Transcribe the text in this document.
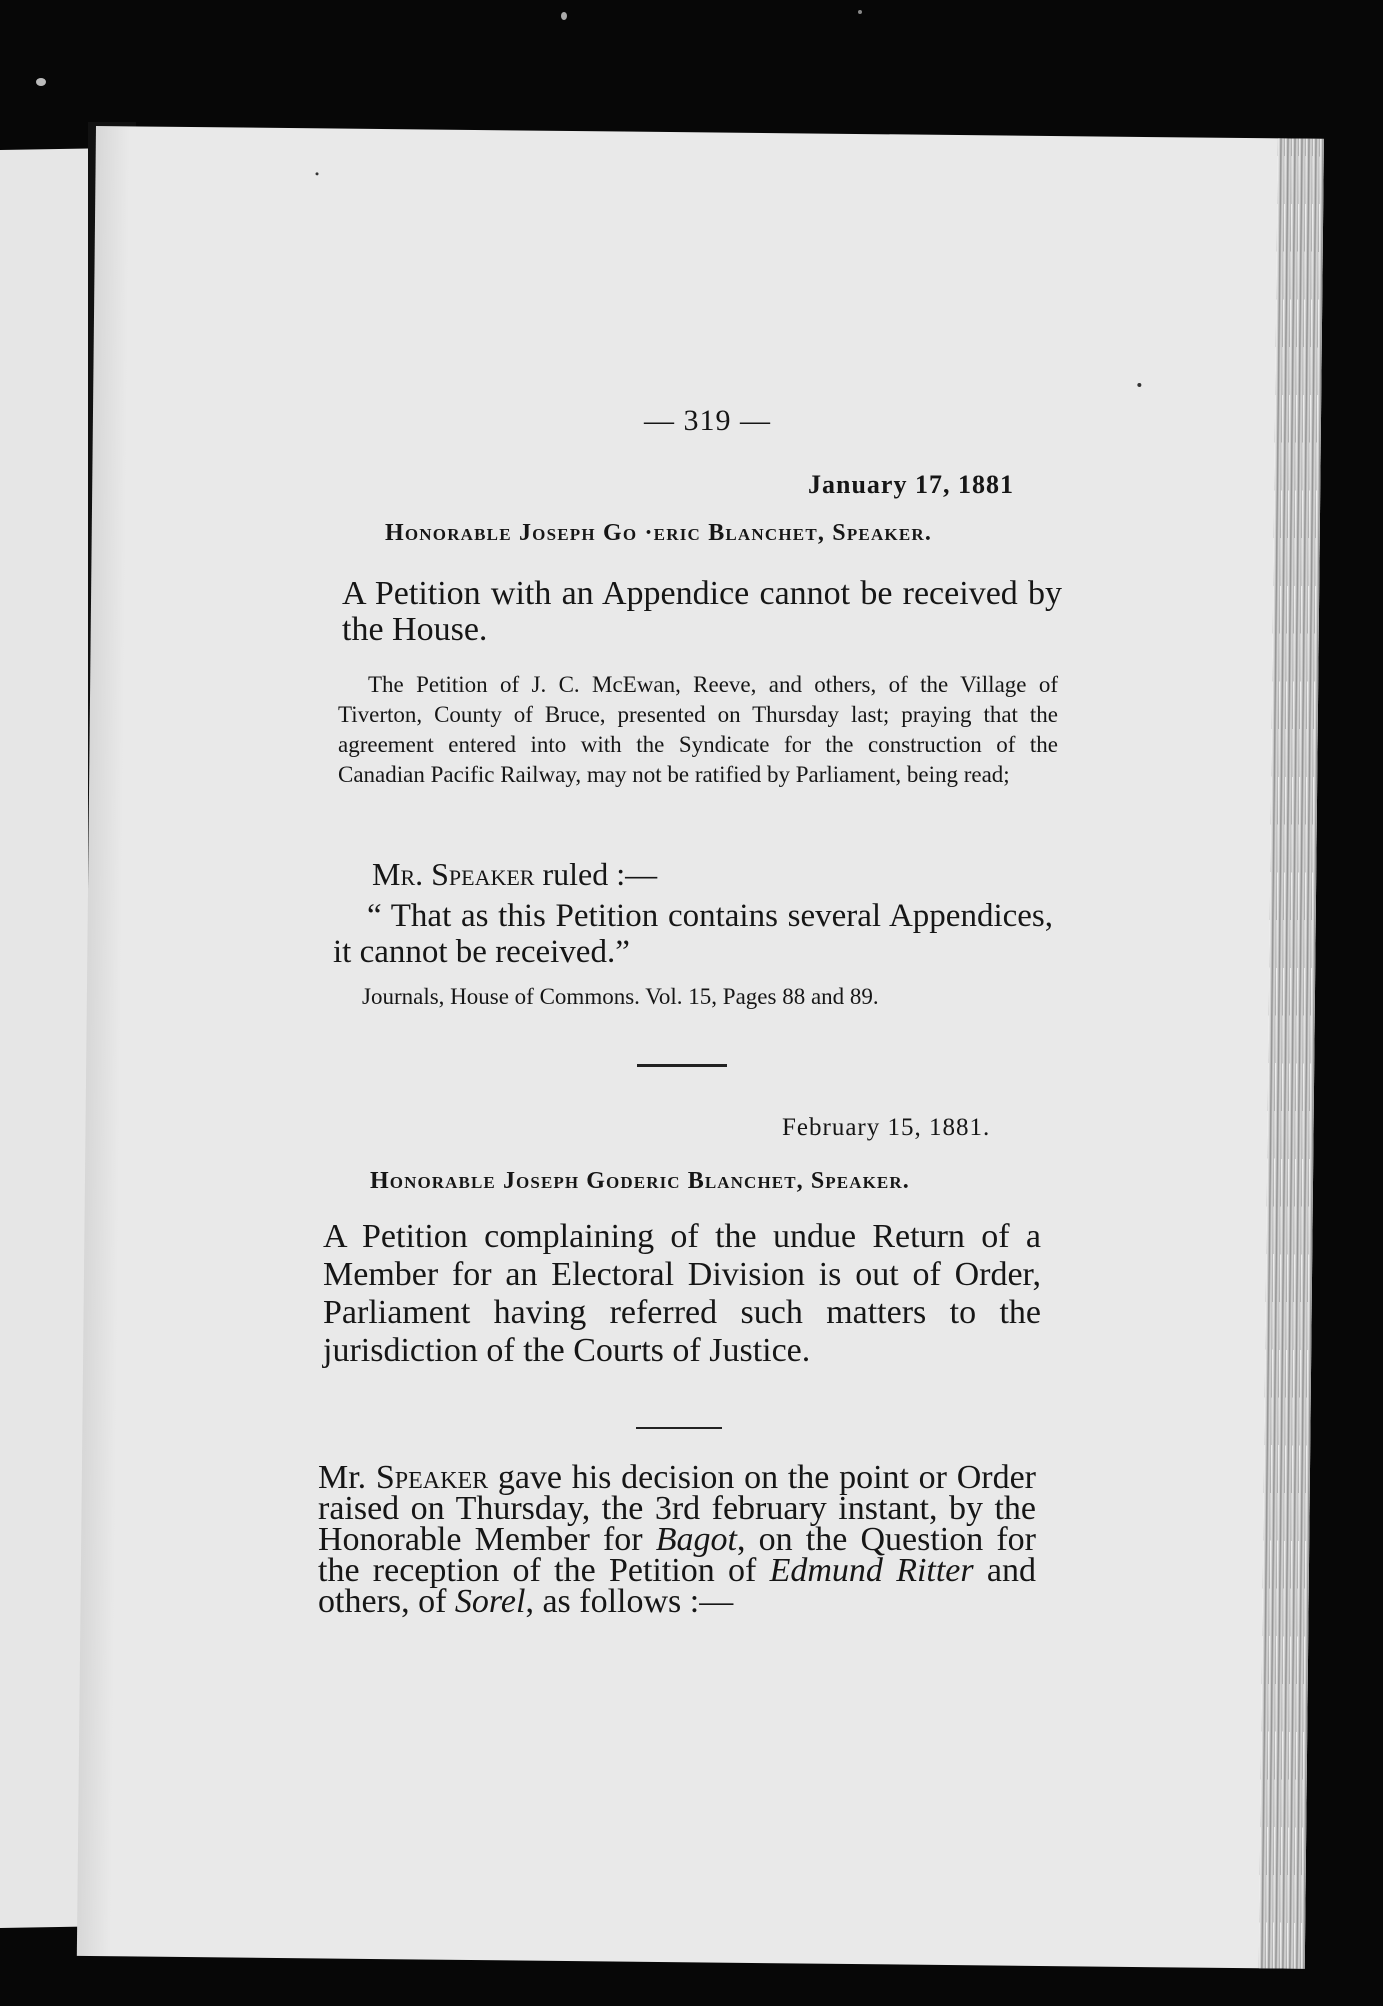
— 319 —

January 17, 1881

Honorable Joseph Go ·eric Blanchet, Speaker.

A Petition with an Appendice cannot be received by the House.

The Petition of J. C. McEwan, Reeve, and others, of the Village of Tiverton, County of Bruce, presented on Thursday last; praying that the agreement entered into with the Syndicate for the construction of the Canadian Pacific Railway, may not be ratified by Parliament, being read;

Mr. Speaker ruled :—

“ That as this Petition contains several Appendices, it cannot be received.”

Journals, House of Commons. Vol. 15, Pages 88 and 89.

February 15, 1881.

Honorable Joseph Goderic Blanchet, Speaker.

A Petition complaining of the undue Return of a Member for an Electoral Division is out of Order, Parliament having referred such matters to the jurisdiction of the Courts of Justice.

Mr. Speaker gave his decision on the point or Order raised on Thursday, the 3rd february instant, by the Honorable Member for Bagot, on the Question for the reception of the Petition of Edmund Ritter and others, of Sorel, as follows :—
